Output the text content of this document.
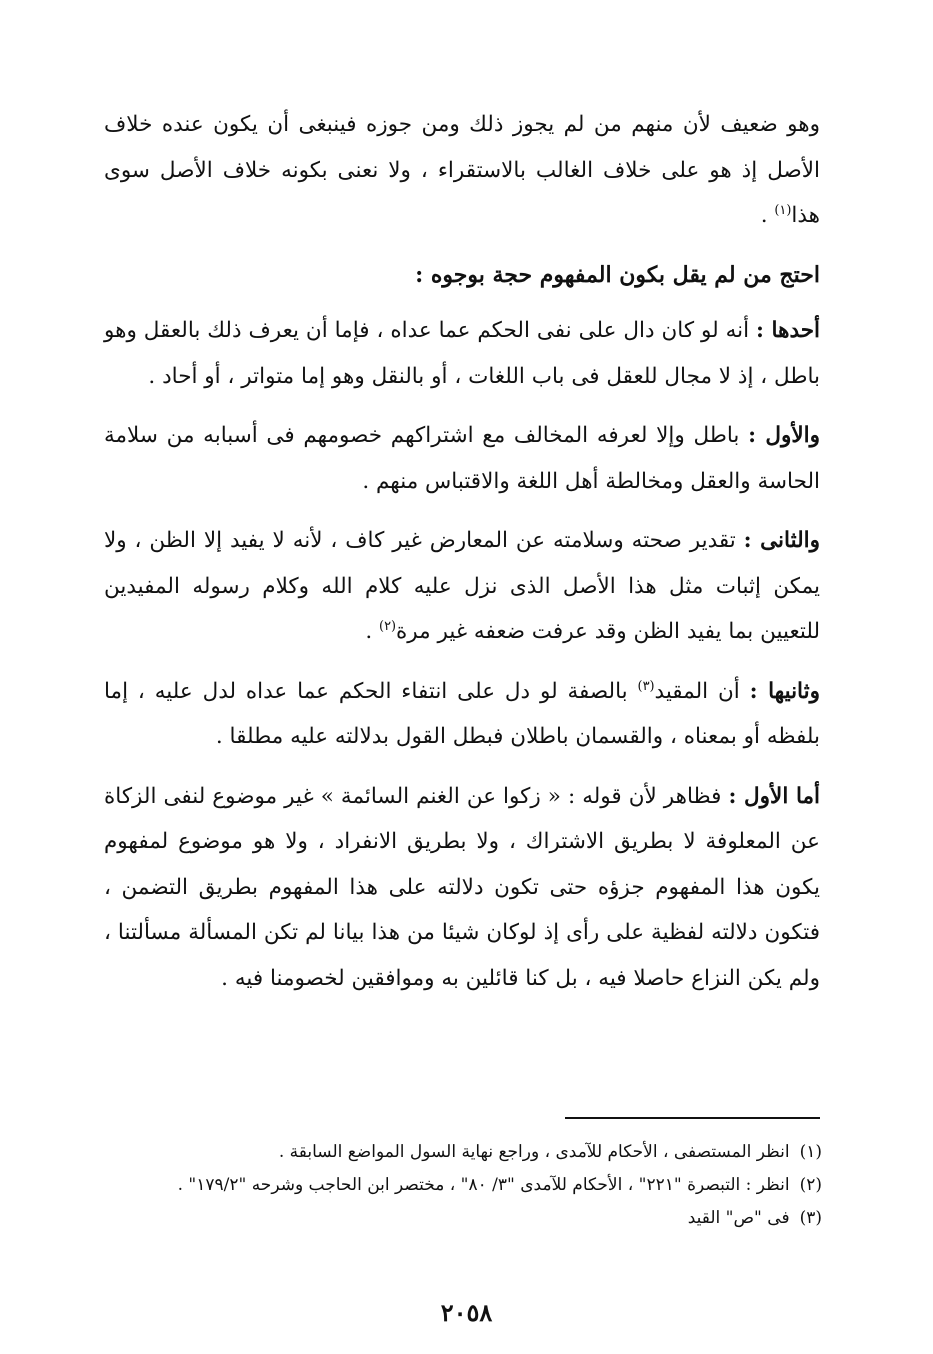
وهو ضعيف لأن منهم من لم يجوز ذلك ومن جوزه فينبغى أن يكون عنده خلاف الأصل إذ هو على خلاف الغالب بالاستقراء ، ولا نعنى بكونه خلاف الأصل سوى هذا$^{(١)}$ .

احتج من لم يقل بكون المفهوم حجة بوجوه :

أحدها : أنه لو كان دال على نفى الحكم عما عداه ، فإما أن يعرف ذلك بالعقل وهو باطل ، إذ لا مجال للعقل فى باب اللغات ، أو بالنقل وهو إما متواتر ، أو أحاد .

والأول : باطل وإلا لعرفه المخالف مع اشتراكهم خصومهم فى أسبابه من سلامة الحاسة والعقل ومخالطة أهل اللغة والاقتباس منهم .

والثانى : تقدير صحته وسلامته عن المعارض غير كاف ، لأنه لا يفيد إلا الظن ، ولا يمكن إثبات مثل هذا الأصل الذى نزل عليه كلام الله وكلام رسوله المفيدين للتعيين بما يفيد الظن وقد عرفت ضعفه غير مرة$^{(٢)}$ .

وثانيها : أن المقيد$^{(٣)}$ بالصفة لو دل على انتفاء الحكم عما عداه لدل عليه ، إما بلفظه أو بمعناه ، والقسمان باطلان فبطل القول بدلالته عليه مطلقا .

أما الأول : فظاهر لأن قوله : « زكوا عن الغنم السائمة » غير موضوع لنفى الزكاة عن المعلوفة لا بطريق الاشتراك ، ولا بطريق الانفراد ، ولا هو موضوع لمفهوم يكون هذا المفهوم جزؤه حتى تكون دلالته على هذا المفهوم بطريق التضمن ، فتكون دلالته لفظية على رأى إذ لوكان شيئا من هذا بيانا لم تكن المسألة مسألتنا ، ولم يكن النزاع حاصلا فيه ، بل كنا قائلين به وموافقين لخصومنا فيه .

(١)
انظر المستصفى ، الأحكام للآمدى ، وراجع نهاية السول المواضع السابقة .
(٢)
انظر : التبصرة "٢٢١" ، الأحكام للآمدى "٣/ ٨٠" ، مختصر ابن الحاجب وشرحه "١٧٩/٢" .
(٣)
فى "ص" القيد
٢٠٥٨
